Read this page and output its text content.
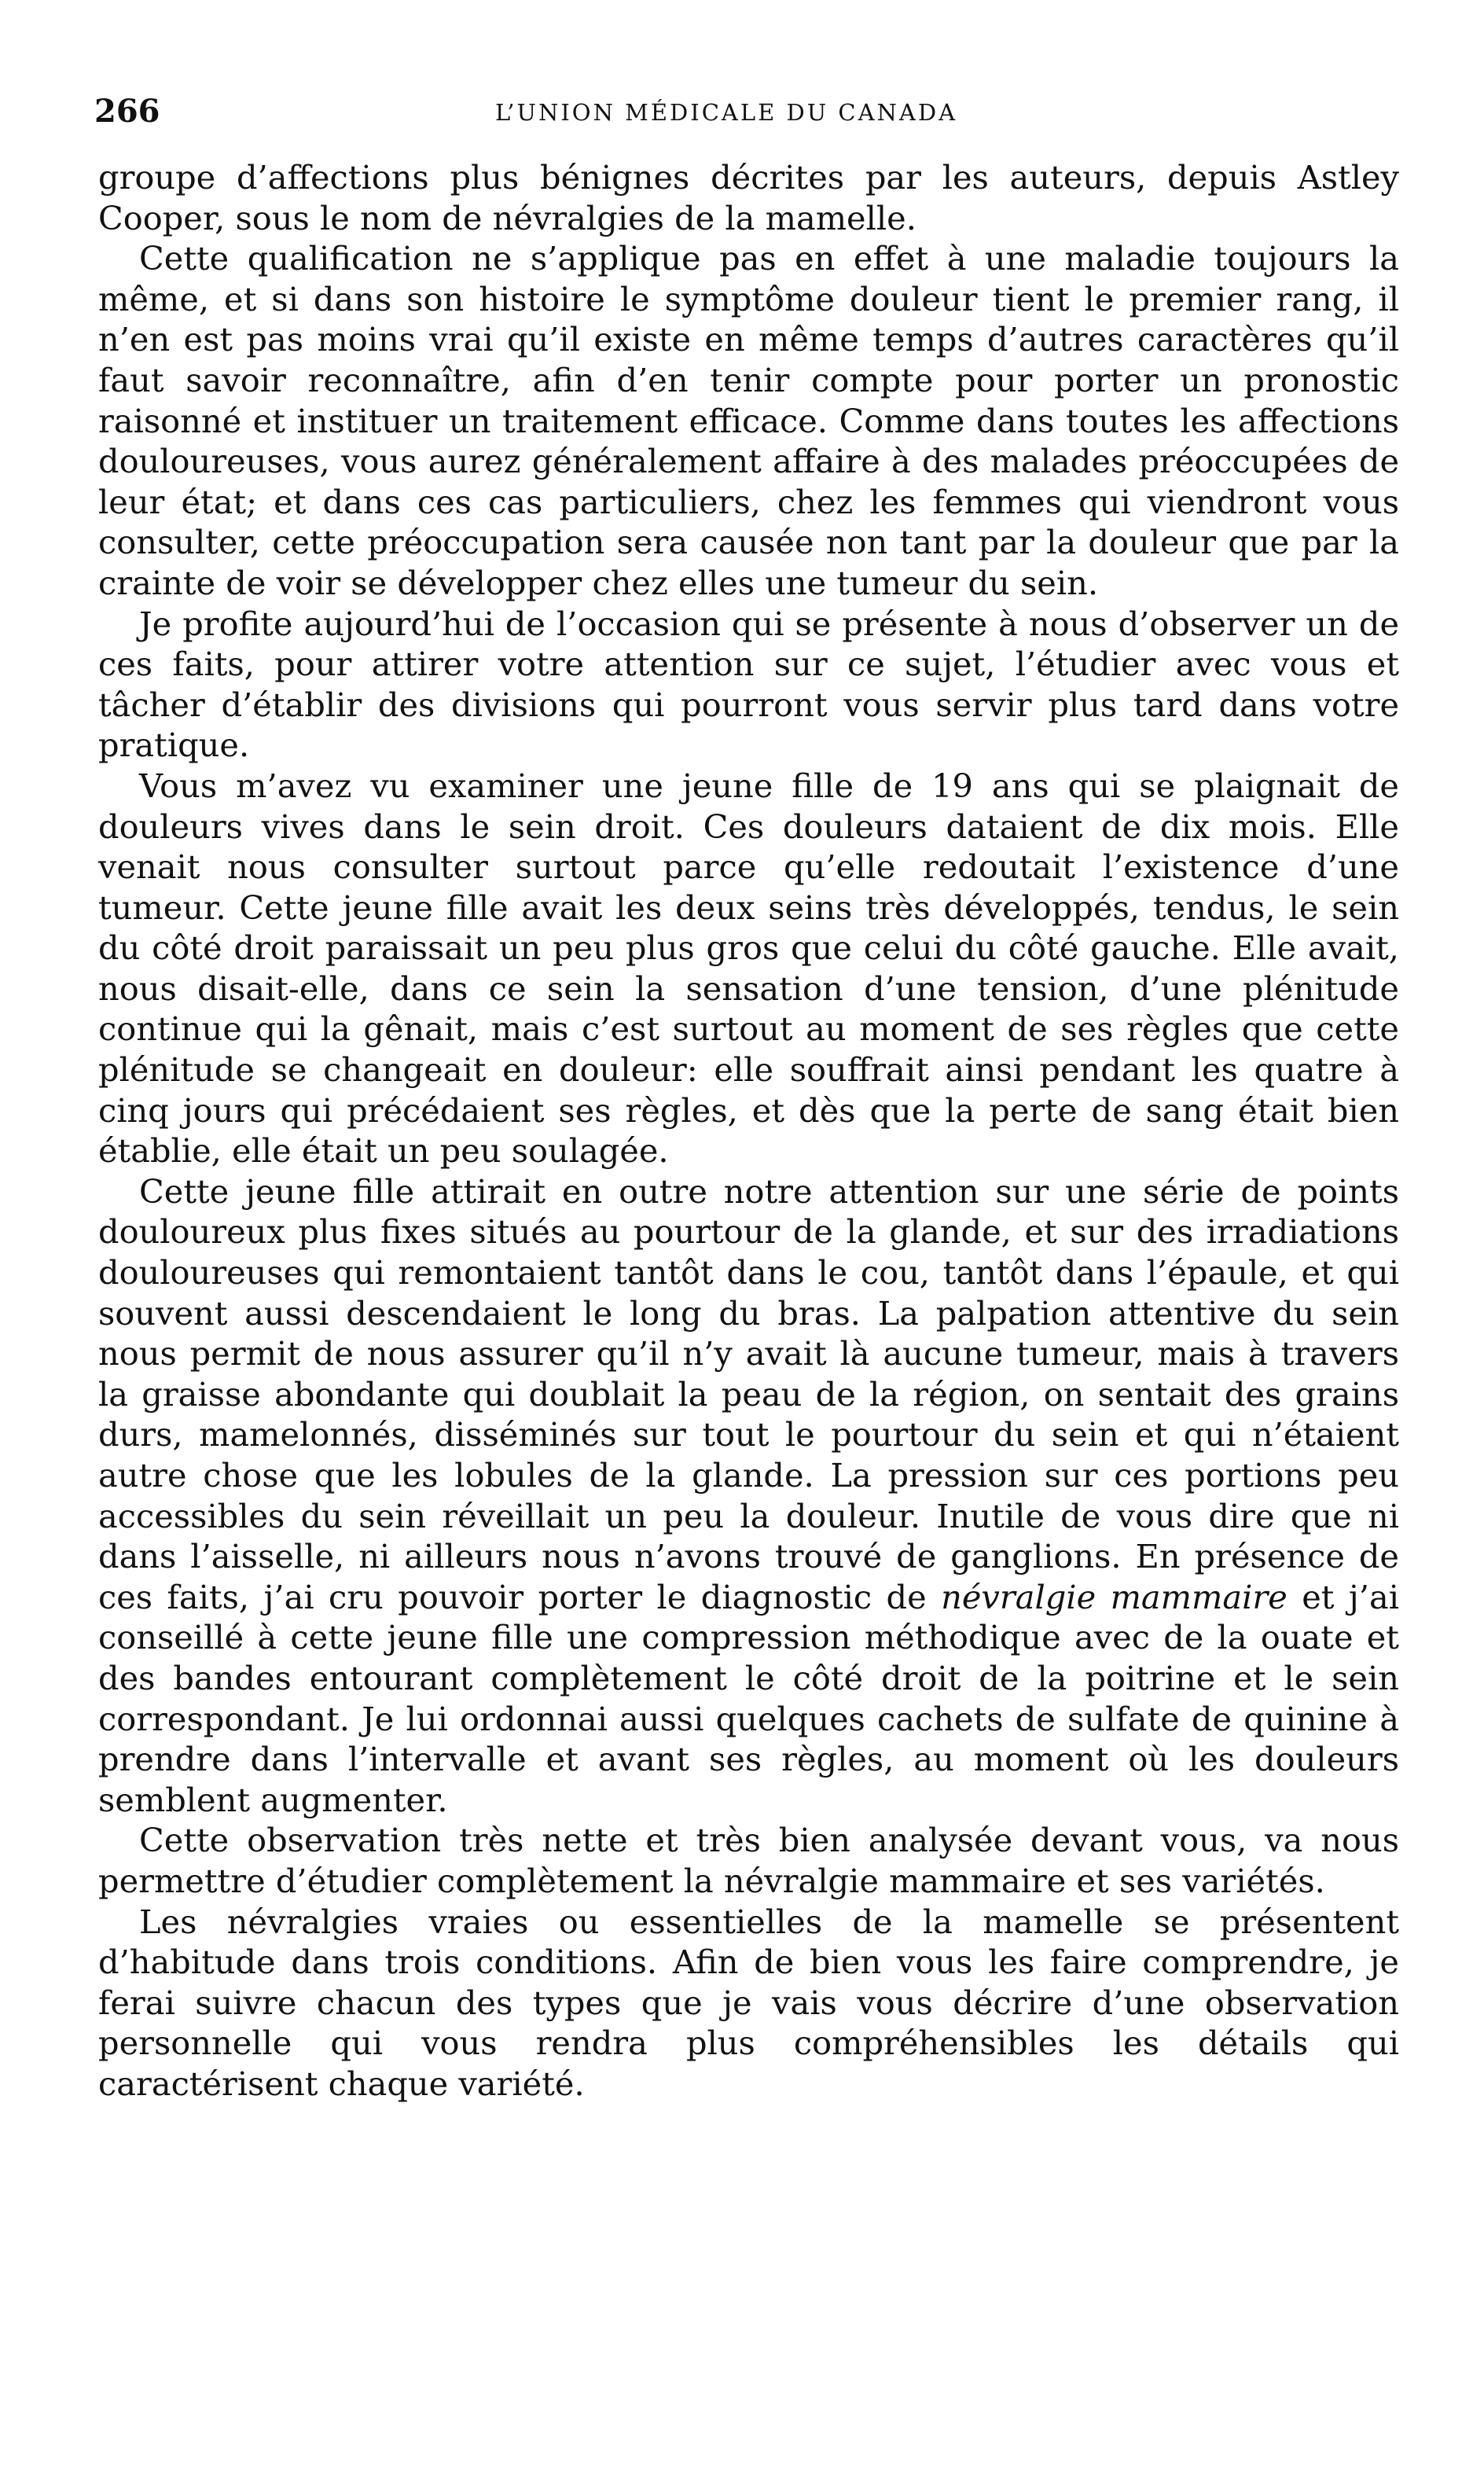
266	L’UNION MÉDICALE DU CANADA

groupe d’affections plus bénignes décrites par les auteurs, depuis Astley Cooper, sous le nom de névralgies de la mamelle.

Cette qualification ne s’applique pas en effet à une maladie toujours la même, et si dans son histoire le symptôme douleur tient le premier rang, il n’en est pas moins vrai qu’il existe en même temps d’autres caractères qu’il faut savoir reconnaître, afin d’en tenir compte pour porter un pronostic raisonné et instituer un traitement efficace. Comme dans toutes les affections douloureuses, vous aurez généralement affaire à des malades préoccupées de leur état; et dans ces cas particuliers, chez les femmes qui viendront vous consulter, cette préoccupation sera causée non tant par la douleur que par la crainte de voir se développer chez elles une tumeur du sein.

Je profite aujourd’hui de l’occasion qui se présente à nous d’observer un de ces faits, pour attirer votre attention sur ce sujet, l’étudier avec vous et tâcher d’établir des divisions qui pourront vous servir plus tard dans votre pratique.

Vous m’avez vu examiner une jeune fille de 19 ans qui se plaignait de douleurs vives dans le sein droit. Ces douleurs dataient de dix mois. Elle venait nous consulter surtout parce qu’elle redoutait l’existence d’une tumeur. Cette jeune fille avait les deux seins très développés, tendus, le sein du côté droit paraissait un peu plus gros que celui du côté gauche. Elle avait, nous disait-elle, dans ce sein la sensation d’une tension, d’une plénitude continue qui la gênait, mais c’est surtout au moment de ses règles que cette plénitude se changeait en douleur: elle souffrait ainsi pendant les quatre à cinq jours qui précédaient ses règles, et dès que la perte de sang était bien établie, elle était un peu soulagée.

Cette jeune fille attirait en outre notre attention sur une série de points douloureux plus fixes situés au pourtour de la glande, et sur des irradiations douloureuses qui remontaient tantôt dans le cou, tantôt dans l’épaule, et qui souvent aussi descendaient le long du bras. La palpation attentive du sein nous permit de nous assurer qu’il n’y avait là aucune tumeur, mais à travers la graisse abondante qui doublait la peau de la région, on sentait des grains durs, mamelonnés, disséminés sur tout le pourtour du sein et qui n’étaient autre chose que les lobules de la glande. La pression sur ces portions peu accessibles du sein réveillait un peu la douleur. Inutile de vous dire que ni dans l’aisselle, ni ailleurs nous n’avons trouvé de ganglions. En présence de ces faits, j’ai cru pouvoir porter le diagnostic de névralgie mammaire et j’ai conseillé à cette jeune fille une compression méthodique avec de la ouate et des bandes entourant complètement le côté droit de la poitrine et le sein correspondant. Je lui ordonnai aussi quelques cachets de sulfate de quinine à prendre dans l’intervalle et avant ses règles, au moment où les douleurs semblent augmenter.

Cette observation très nette et très bien analysée devant vous, va nous permettre d’étudier complètement la névralgie mammaire et ses variétés.

Les névralgies vraies ou essentielles de la mamelle se présentent d’habitude dans trois conditions. Afin de bien vous les faire comprendre, je ferai suivre chacun des types que je vais vous décrire d’une observation personnelle qui vous rendra plus compréhensibles les détails qui caractérisent chaque variété.
